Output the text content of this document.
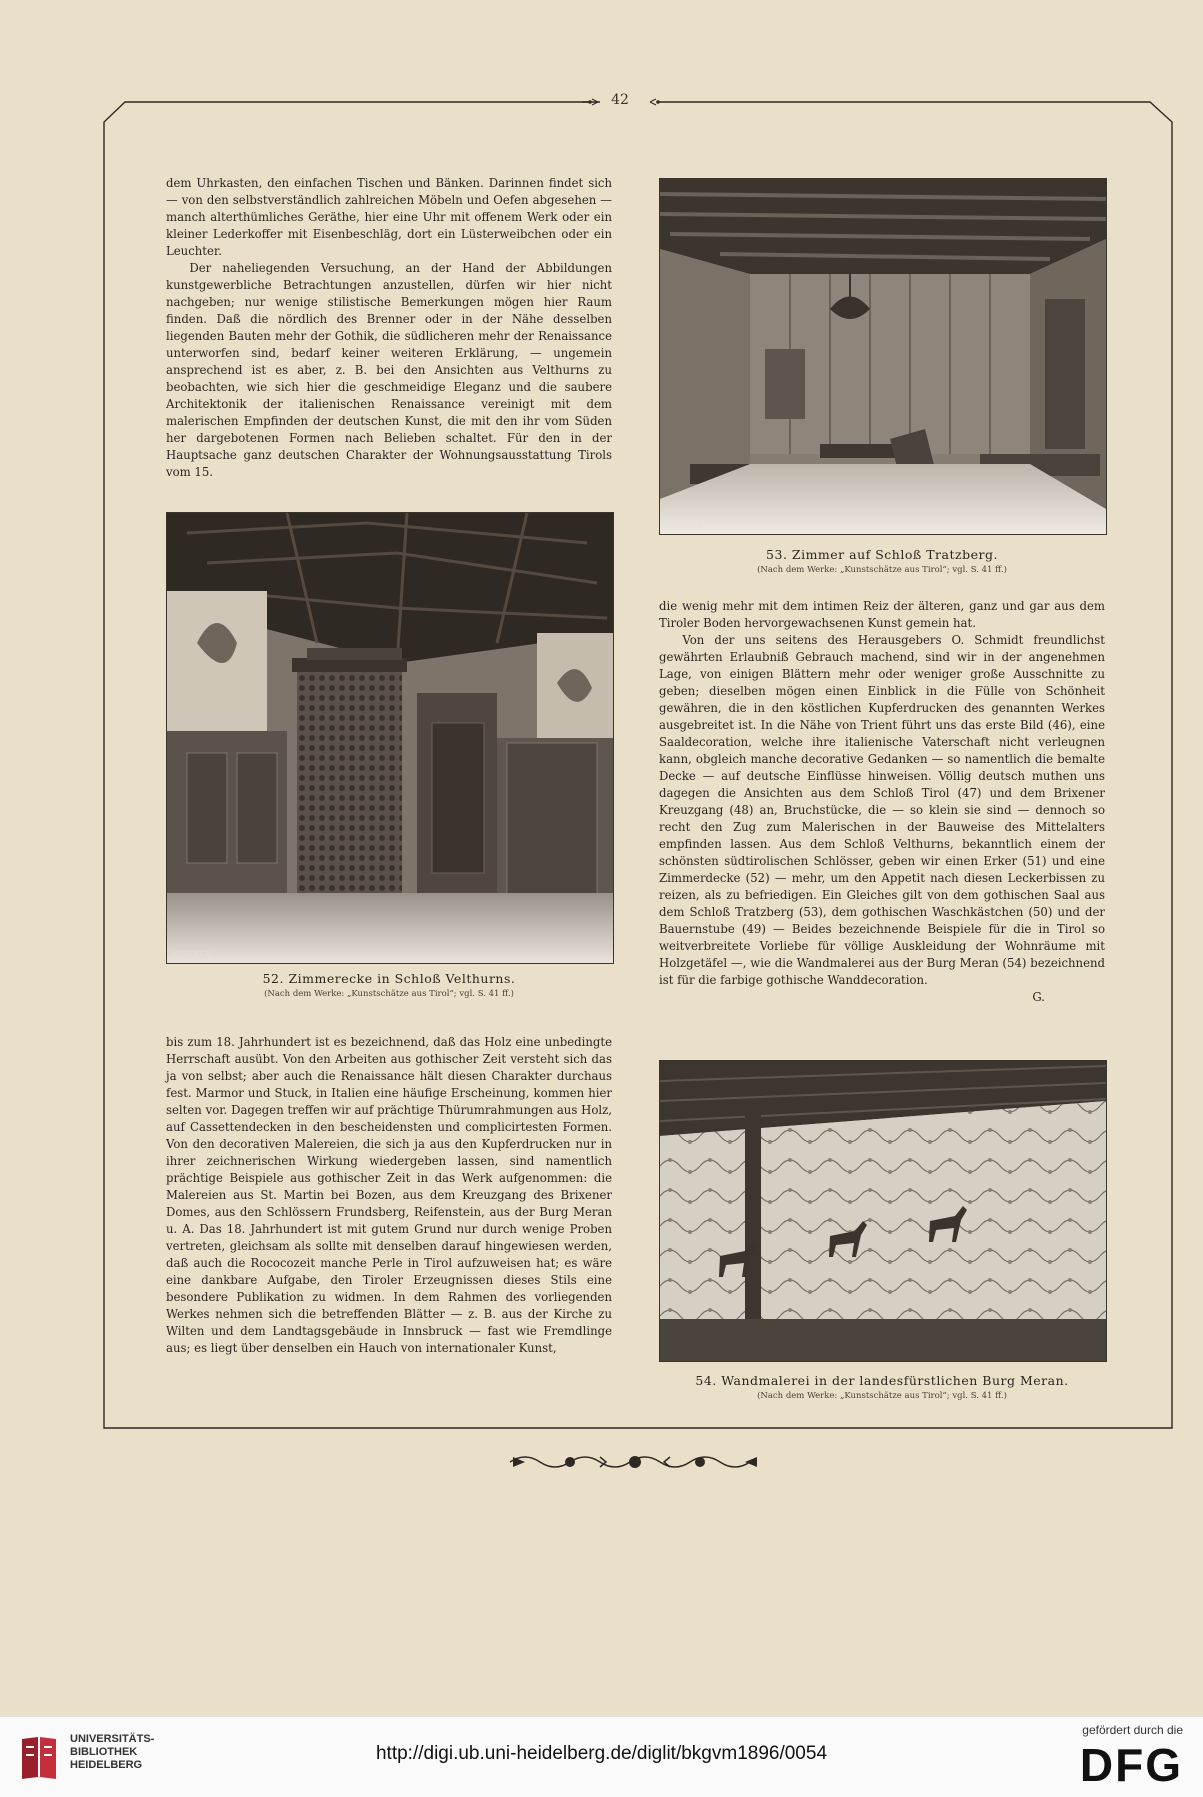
42

dem Uhrkasten, den einfachen Tischen und Bänken. Darinnen findet sich — von den selbstverständlich zahlreichen Möbeln und Oefen abgesehen — manch alterthümliches Geräthe, hier eine Uhr mit offenem Werk oder ein kleiner Lederkoffer mit Eisenbeschläg, dort ein Lüsterweibchen oder ein Leuchter.

Der naheliegenden Versuchung, an der Hand der Abbildungen kunstgewerbliche Betrachtungen anzustellen, dürfen wir hier nicht nachgeben; nur wenige stilistische Bemerkungen mögen hier Raum finden. Daß die nördlich des Brenner oder in der Nähe desselben liegenden Bauten mehr der Gothik, die südlicheren mehr der Renaissance unterworfen sind, bedarf keiner weiteren Erklärung, — ungemein ansprechend ist es aber, z. B. bei den Ansichten aus Velthurns zu beobachten, wie sich hier die geschmeidige Eleganz und die saubere Architektonik der italienischen Renaissance vereinigt mit dem malerischen Empfinden der deutschen Kunst, die mit den ihr vom Süden her dargebotenen Formen nach Belieben schaltet. Für den in der Hauptsache ganz deutschen Charakter der Wohnungsausstattung Tirols vom 15.

CONSEE
52. Zimmerecke in Schloß Velthurns.
(Nach dem Werke: „Kunstschätze aus Tirol“; vgl. S. 41 ff.)

bis zum 18. Jahrhundert ist es bezeichnend, daß das Holz eine unbedingte Herrschaft ausübt. Von den Arbeiten aus gothischer Zeit versteht sich das ja von selbst; aber auch die Renaissance hält diesen Charakter durchaus fest. Marmor und Stuck, in Italien eine häufige Erscheinung, kommen hier selten vor. Dagegen treffen wir auf prächtige Thürumrahmungen aus Holz, auf Cassettendecken in den bescheidensten und complicirtesten Formen. Von den decorativen Malereien, die sich ja aus den Kupferdrucken nur in ihrer zeichnerischen Wirkung wiedergeben lassen, sind namentlich prächtige Beispiele aus gothischer Zeit in das Werk aufgenommen: die Malereien aus St. Martin bei Bozen, aus dem Kreuzgang des Brixener Domes, aus den Schlössern Frundsberg, Reifenstein, aus der Burg Meran u. A. Das 18. Jahrhundert ist mit gutem Grund nur durch wenige Proben vertreten, gleichsam als sollte mit denselben darauf hingewiesen werden, daß auch die Rococozeit manche Perle in Tirol aufzuweisen hat; es wäre eine dankbare Aufgabe, den Tiroler Erzeugnissen dieses Stils eine besondere Publikation zu widmen. In dem Rahmen des vorliegenden Werkes nehmen sich die betreffenden Blätter — z. B. aus der Kirche zu Wilten und dem Landtagsgebäude in Innsbruck — fast wie Fremdlinge aus; es liegt über denselben ein Hauch von internationaler Kunst,

CONSEE
53. Zimmer auf Schloß Tratzberg.
(Nach dem Werke: „Kunstschätze aus Tirol“; vgl. S. 41 ff.)

die wenig mehr mit dem intimen Reiz der älteren, ganz und gar aus dem Tiroler Boden hervorgewachsenen Kunst gemein hat.

Von der uns seitens des Herausgebers O. Schmidt freundlichst gewährten Erlaubniß Gebrauch machend, sind wir in der angenehmen Lage, von einigen Blättern mehr oder weniger große Ausschnitte zu geben; dieselben mögen einen Einblick in die Fülle von Schönheit gewähren, die in den köstlichen Kupferdrucken des genannten Werkes ausgebreitet ist. In die Nähe von Trient führt uns das erste Bild (46), eine Saaldecoration, welche ihre italienische Vaterschaft nicht verleugnen kann, obgleich manche decorative Gedanken — so namentlich die bemalte Decke — auf deutsche Einflüsse hinweisen. Völlig deutsch muthen uns dagegen die Ansichten aus dem Schloß Tirol (47) und dem Brixener Kreuzgang (48) an, Bruchstücke, die — so klein sie sind — dennoch so recht den Zug zum Malerischen in der Bauweise des Mittelalters empfinden lassen. Aus dem Schloß Velthurns, bekanntlich einem der schönsten südtirolischen Schlösser, geben wir einen Erker (51) und eine Zimmerdecke (52) — mehr, um den Appetit nach diesen Leckerbissen zu reizen, als zu befriedigen. Ein Gleiches gilt von dem gothischen Saal aus dem Schloß Tratzberg (53), dem gothischen Waschkästchen (50) und der Bauernstube (49) — Beides bezeichnende Beispiele für die in Tirol so weitverbreitete Vorliebe für völlige Auskleidung der Wohnräume mit Holzgetäfel —, wie die Wandmalerei aus der Burg Meran (54) bezeichnend ist für die farbige gothische Wanddecoration.

G.
54. Wandmalerei in der landesfürstlichen Burg Meran.
(Nach dem Werke: „Kunstschätze aus Tirol“; vgl. S. 41 ff.)
UNIVERSITÄTS-
BIBLIOTHEK
HEIDELBERG
http://digi.ub.uni-heidelberg.de/diglit/bkgvm1896/0054
gefördert durch die
DFG
